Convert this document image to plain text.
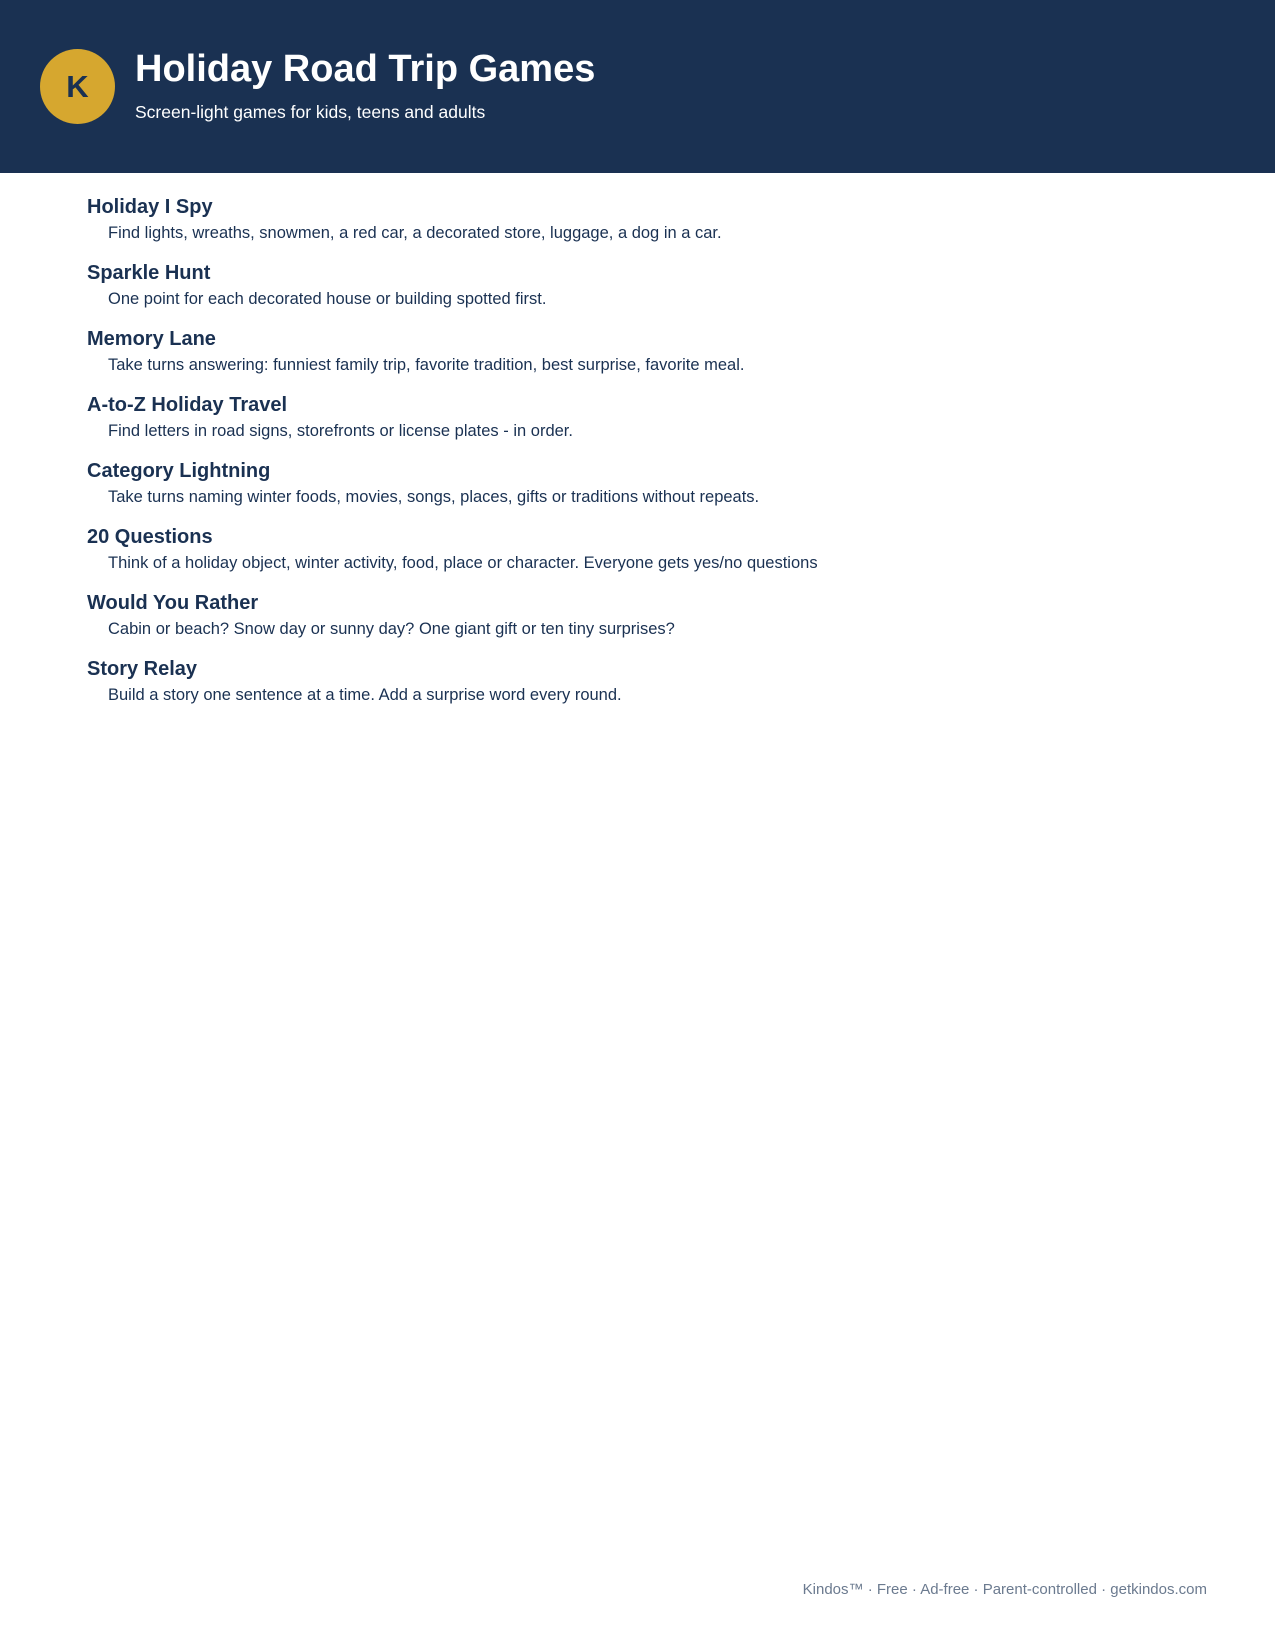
K Holiday Road Trip Games

Screen-light games for kids, teens and adults

Holiday I Spy
Find lights, wreaths, snowmen, a red car, a decorated store, luggage, a dog in a car.
Sparkle Hunt
One point for each decorated house or building spotted first.
Memory Lane
Take turns answering: funniest family trip, favorite tradition, best surprise, favorite meal.
A-to-Z Holiday Travel
Find letters in road signs, storefronts or license plates - in order.
Category Lightning
Take turns naming winter foods, movies, songs, places, gifts or traditions without repeats.
20 Questions
Think of a holiday object, winter activity, food, place or character. Everyone gets yes/no questions
Would You Rather
Cabin or beach? Snow day or sunny day? One giant gift or ten tiny surprises?
Story Relay
Build a story one sentence at a time. Add a surprise word every round.
Kindos™ · Free · Ad-free · Parent-controlled · getkindos.com
